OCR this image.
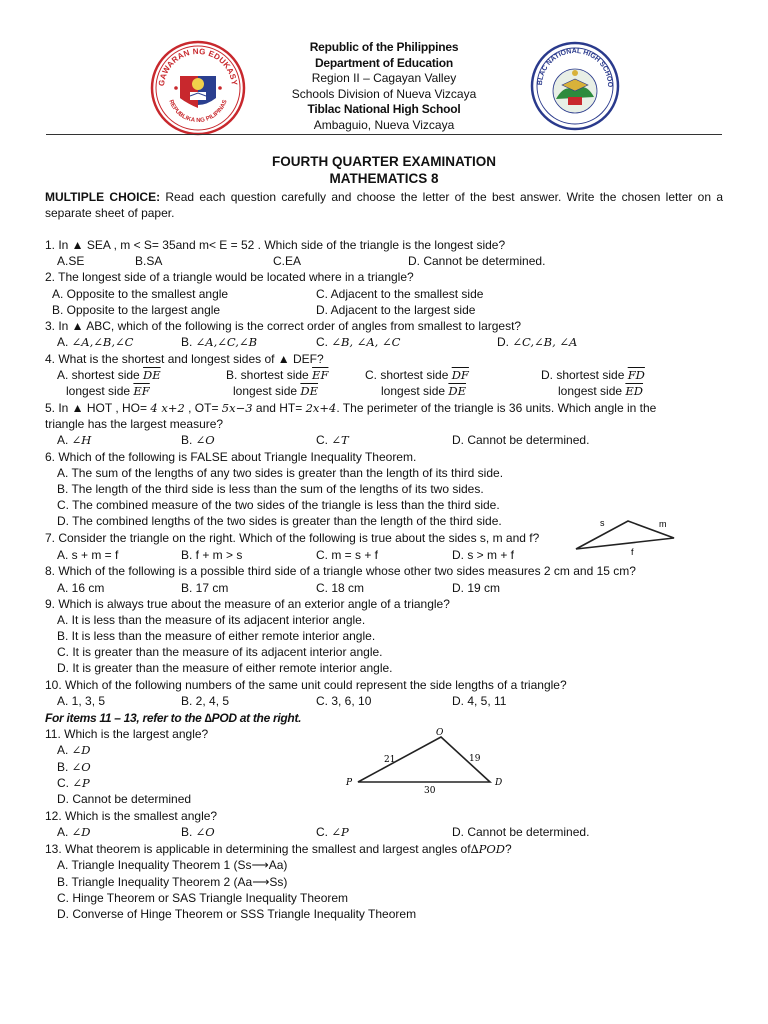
GAWARAN NG EDUKASY
REPUBLIKA NG PILIPINAS
BLAC NATIONAL HIGH SCHOO
Republic of the Philippines
Department of Education
Region II – Cagayan Valley
Schools Division of Nueva Vizcaya
Tiblac National High School
Ambaguio, Nueva Vizcaya
FOURTH QUARTER EXAMINATION
MATHEMATICS 8
MULTIPLE CHOICE: Read each question carefully and choose the letter of the best answer. Write the chosen letter on a separate sheet of paper.
1. In ▲ SEA , m < S= 35and m< E = 52 . Which side of the triangle is the longest side?
A.SE	B.SA	C.EA	D. Cannot be determined.
2. The longest side of a triangle would be located where in a triangle?
A. Opposite to the smallest angle	C. Adjacent to the smallest side
B. Opposite to the largest angle	D. Adjacent to the largest side
3. In ▲ ABC, which of the following is the correct order of angles from smallest to largest?
A. ∠A,∠B,∠C	B. ∠A,∠C,∠B	C. ∠B, ∠A, ∠C	D. ∠C,∠B, ∠A
4. What is the shortest and longest sides of ▲ DEF?
A. shortest side $\overline{DE}$	B. shortest side $\overline{EF}$	C. shortest side $\overline{DF}$	D. shortest side $\overline{FD}$
longest side $\overline{EF}$	longest side $\overline{DE}$	longest side $\overline{DE}$	longest side $\overline{ED}$
5. In ▲ HOT , HO= 4 x+2 , OT= 5x−3 and HT= 2x+4. The perimeter of the triangle is 36 units. Which angle in the
triangle has the largest measure?
A. ∠H	B. ∠O	C. ∠T	D. Cannot be determined.
6. Which of the following is FALSE about Triangle Inequality Theorem.
A. The sum of the lengths of any two sides is greater than the length of its third side.
B. The length of the third side is less than the sum of the lengths of its two sides.
C. The combined measure of the two sides of the triangle is less than the third side.
D. The combined lengths of the two sides is greater than the length of the third side.	s	m
f
7. Consider the triangle on the right. Which of the following is true about the sides s, m and f?
A. s + m = f	B. f + m > s	C. m = s + f	D. s > m + f
8. Which of the following is a possible third side of a triangle whose other two sides measures 2 cm and 15 cm?
A. 16 cm	B. 17 cm	C. 18 cm	D. 19 cm
9. Which is always true about the measure of an exterior angle of a triangle?
A. It is less than the measure of its adjacent interior angle.
B. It is less than the measure of either remote interior angle.
C. It is greater than the measure of its adjacent interior angle.
D. It is greater than the measure of either remote interior angle.
10. Which of the following numbers of the same unit could represent the side lengths of a triangle?
A. 1, 3, 5	B. 2, 4, 5	C. 3, 6, 10	D. 4, 5, 11
For items 11 – 13, refer to the ∆POD at the right.
11. Which is the largest angle?
A. ∠D
B. ∠O
C. ∠P
D. Cannot be determined
O
P	D
21	19
30
12. Which is the smallest angle?
A. ∠D	B. ∠O	C. ∠P	D. Cannot be determined.
13. What theorem is applicable in determining the smallest and largest angles of∆POD?
A. Triangle Inequality Theorem 1 (Ss⟶Aa)
B. Triangle Inequality Theorem 2 (Aa⟶Ss)
C. Hinge Theorem or SAS Triangle Inequality Theorem
D. Converse of Hinge Theorem or SSS Triangle Inequality Theorem
